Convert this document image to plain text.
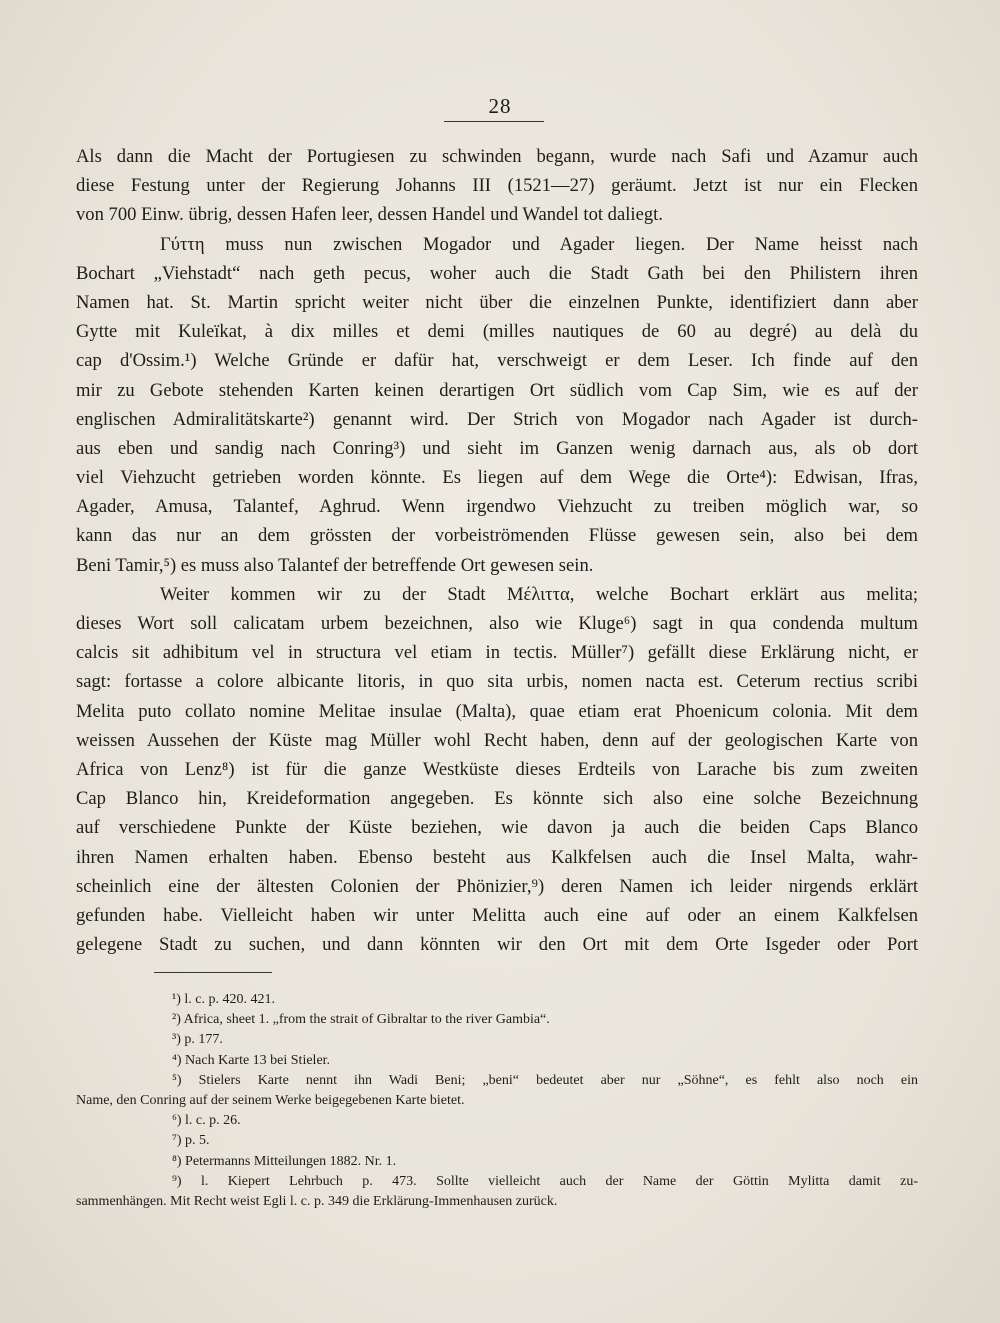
28
Als dann die Macht der Portugiesen zu schwinden begann, wurde nach Safi und Azamur auch
diese Festung unter der Regierung Johanns III (1521—27) geräumt. Jetzt ist nur ein Flecken
von 700 Einw. übrig, dessen Hafen leer, dessen Handel und Wandel tot daliegt.
Γύττη muss nun zwischen Mogador und Agader liegen. Der Name heisst nach
Bochart „Viehstadt“ nach geth pecus, woher auch die Stadt Gath bei den Philistern ihren
Namen hat. St. Martin spricht weiter nicht über die einzelnen Punkte, identifiziert dann aber
Gytte mit Kuleïkat, à dix milles et demi (milles nautiques de 60 au degré) au delà du
cap d'Ossim.¹) Welche Gründe er dafür hat, verschweigt er dem Leser. Ich finde auf den
mir zu Gebote stehenden Karten keinen derartigen Ort südlich vom Cap Sim, wie es auf der
englischen Admiralitätskarte²) genannt wird. Der Strich von Mogador nach Agader ist durch-
aus eben und sandig nach Conring³) und sieht im Ganzen wenig darnach aus, als ob dort
viel Viehzucht getrieben worden könnte. Es liegen auf dem Wege die Orte⁴): Edwisan, Ifras,
Agader, Amusa, Talantef, Aghrud. Wenn irgendwo Viehzucht zu treiben möglich war, so
kann das nur an dem grössten der vorbeiströmenden Flüsse gewesen sein, also bei dem
Beni Tamir,⁵) es muss also Talantef der betreffende Ort gewesen sein.
Weiter kommen wir zu der Stadt Μέλιττα, welche Bochart erklärt aus melita;
dieses Wort soll calicatam urbem bezeichnen, also wie Kluge⁶) sagt in qua condenda multum
calcis sit adhibitum vel in structura vel etiam in tectis. Müller⁷) gefällt diese Erklärung nicht, er
sagt: fortasse a colore albicante litoris, in quo sita urbis, nomen nacta est. Ceterum rectius scribi
Melita puto collato nomine Melitae insulae (Malta), quae etiam erat Phoenicum colonia. Mit dem
weissen Aussehen der Küste mag Müller wohl Recht haben, denn auf der geologischen Karte von
Africa von Lenz⁸) ist für die ganze Westküste dieses Erdteils von Larache bis zum zweiten
Cap Blanco hin, Kreideformation angegeben. Es könnte sich also eine solche Bezeichnung
auf verschiedene Punkte der Küste beziehen, wie davon ja auch die beiden Caps Blanco
ihren Namen erhalten haben. Ebenso besteht aus Kalkfelsen auch die Insel Malta, wahr-
scheinlich eine der ältesten Colonien der Phönizier,⁹) deren Namen ich leider nirgends erklärt
gefunden habe. Vielleicht haben wir unter Melitta auch eine auf oder an einem Kalkfelsen
gelegene Stadt zu suchen, und dann könnten wir den Ort mit dem Orte Isgeder oder Port
¹) l. c. p. 420. 421.
²) Africa, sheet 1. „from the strait of Gibraltar to the river Gambia“.
³) p. 177.
⁴) Nach Karte 13 bei Stieler.
⁵) Stielers Karte nennt ihn Wadi Beni; „beni“ bedeutet aber nur „Söhne“, es fehlt also noch ein
Name, den Conring auf der seinem Werke beigegebenen Karte bietet.
⁶) l. c. p. 26.
⁷) p. 5.
⁸) Petermanns Mitteilungen 1882. Nr. 1.
⁹) l. Kiepert Lehrbuch p. 473. Sollte vielleicht auch der Name der Göttin Mylitta damit zu-
sammenhängen. Mit Recht weist Egli l. c. p. 349 die Erklärung-Immenhausen zurück.
